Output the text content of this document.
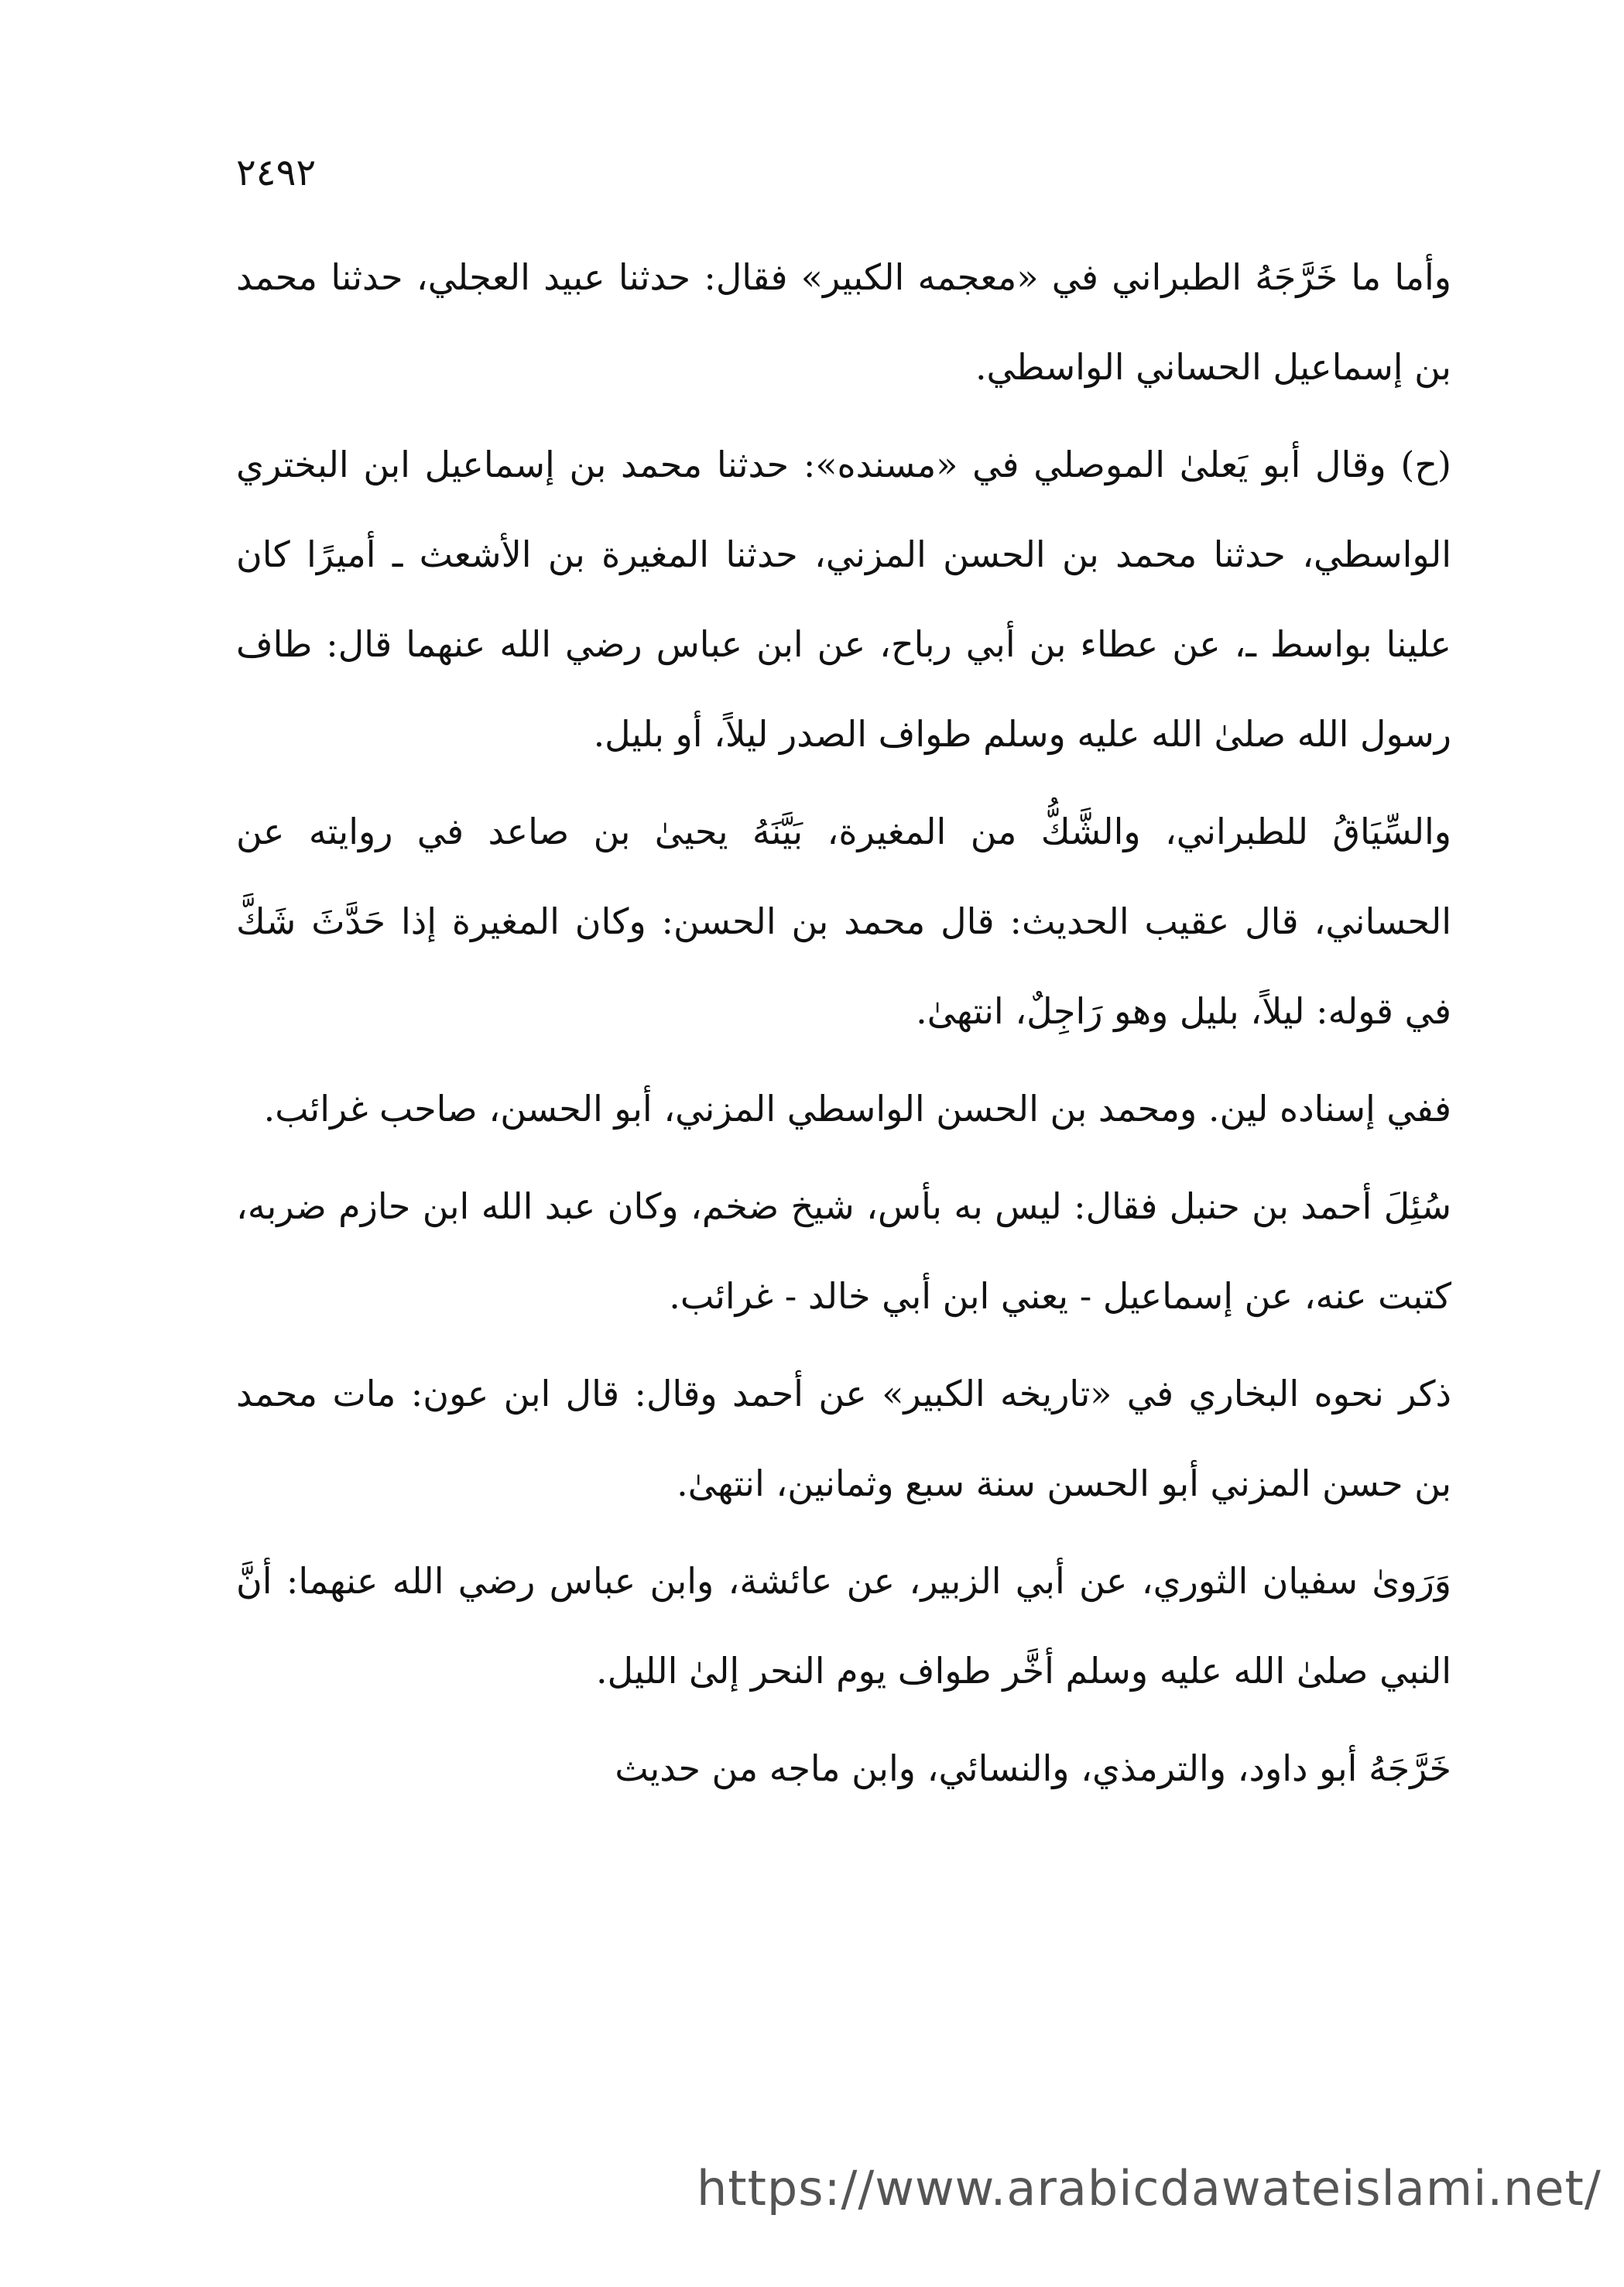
٢٤٩٢

وأما ما خَرَّجَهُ الطبراني في «معجمه الكبير» فقال: حدثنا عبيد العجلي، حدثنا محمد بن إسماعيل الحساني الواسطي.

(ح) وقال أبو يَعلىٰ الموصلي في «مسنده»: حدثنا محمد بن إسماعيل ابن البختري الواسطي، حدثنا محمد بن الحسن المزني، حدثنا المغيرة بن الأشعث ـ أميرًا كان علينا بواسط ـ، عن عطاء بن أبي رباح، عن ابن عباس رضي الله عنهما قال: طاف رسول الله صلىٰ الله عليه وسلم طواف الصدر ليلاً، أو بليل.

والسِّيَاقُ للطبراني، والشَّكُّ من المغيرة، بَيَّنَهُ يحيىٰ بن صاعد في روايته عن الحساني، قال عقيب الحديث: قال محمد بن الحسن: وكان المغيرة إذا حَدَّثَ شَكَّ في قوله: ليلاً، بليل وهو رَاجِلٌ، انتهىٰ.

ففي إسناده لين. ومحمد بن الحسن الواسطي المزني، أبو الحسن، صاحب غرائب.

سُئِلَ أحمد بن حنبل فقال: ليس به بأس، شيخ ضخم، وكان عبد الله ابن حازم ضربه، كتبت عنه، عن إسماعيل - يعني ابن أبي خالد - غرائب.

ذكر نحوه البخاري في «تاريخه الكبير» عن أحمد وقال: قال ابن عون: مات محمد بن حسن المزني أبو الحسن سنة سبع وثمانين، انتهىٰ.

وَرَوىٰ سفيان الثوري، عن أبي الزبير، عن عائشة، وابن عباس رضي الله عنهما: أنَّ النبي صلىٰ الله عليه وسلم أخَّر طواف يوم النحر إلىٰ الليل.

خَرَّجَهُ أبو داود، والترمذي، والنسائي، وابن ماجه من حديث

https://www.arabicdawateislami.net/
